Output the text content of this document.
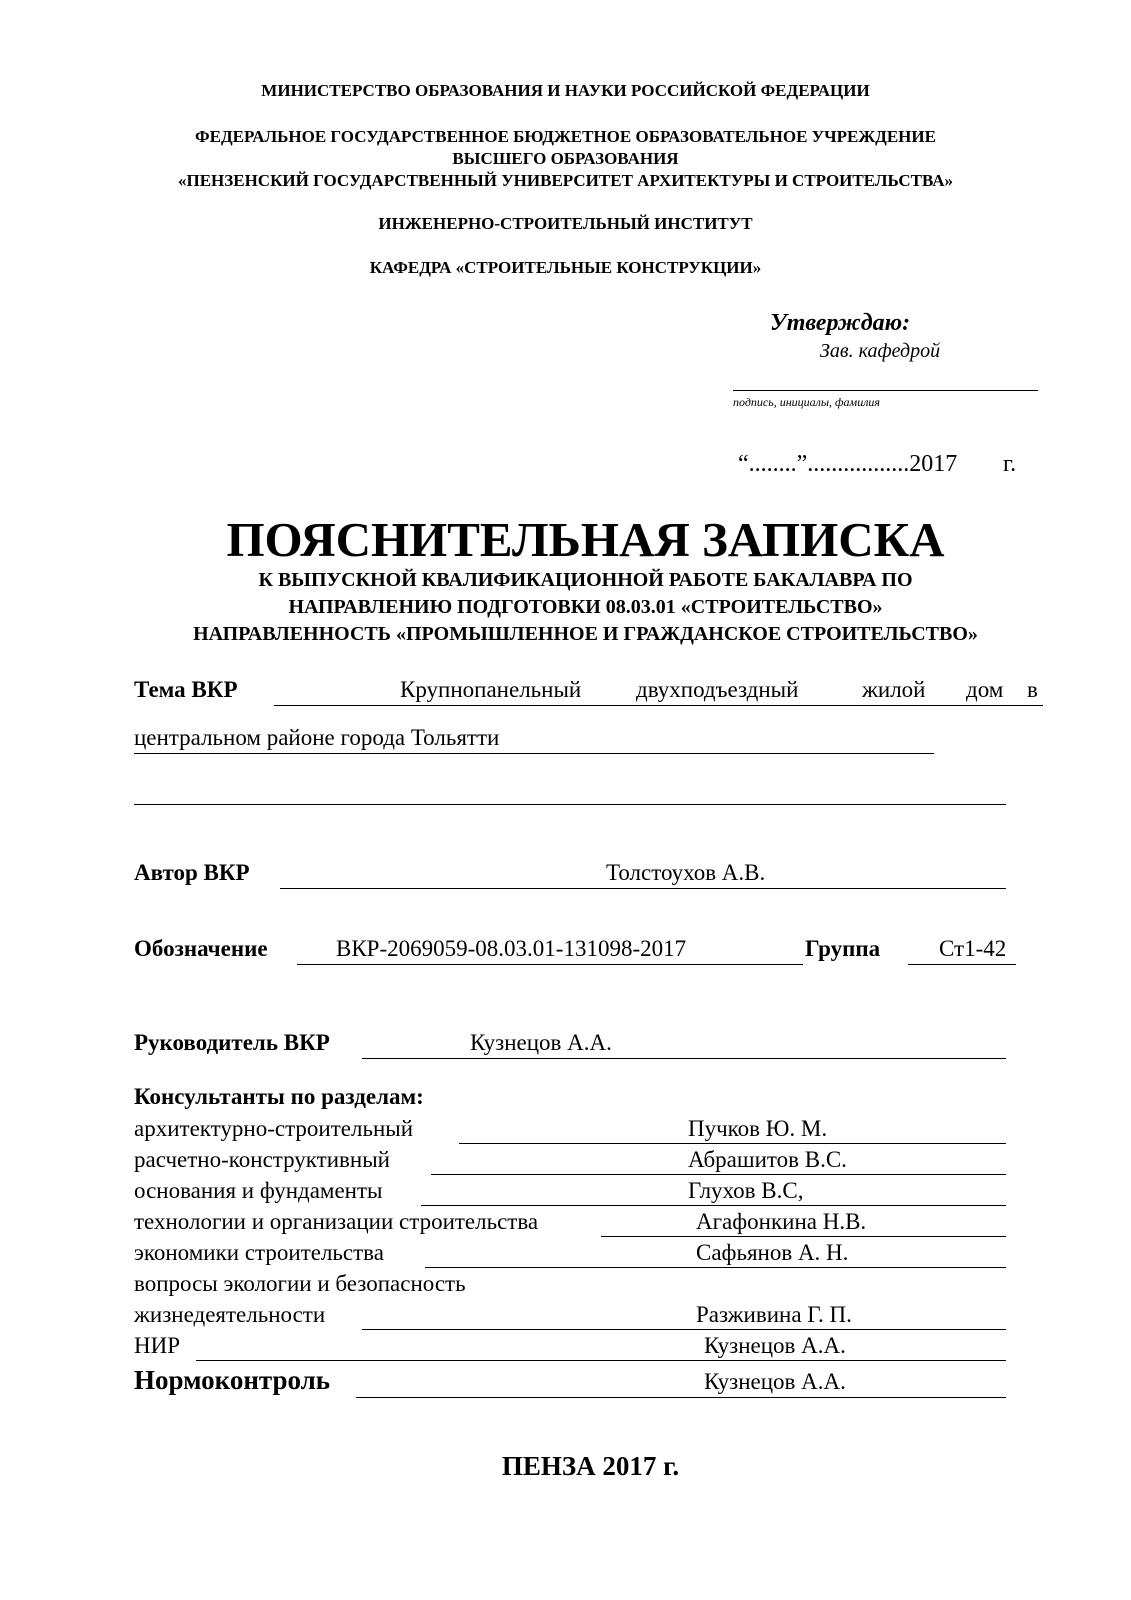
МИНИСТЕРСТВО ОБРАЗОВАНИЯ И НАУКИ РОССИЙСКОЙ ФЕДЕРАЦИИ
ФЕДЕРАЛЬНОЕ ГОСУДАРСТВЕННОЕ БЮДЖЕТНОЕ ОБРАЗОВАТЕЛЬНОЕ УЧРЕЖДЕНИЕ
ВЫСШЕГО ОБРАЗОВАНИЯ
«ПЕНЗЕНСКИЙ ГОСУДАРСТВЕННЫЙ УНИВЕРСИТЕТ АРХИТЕКТУРЫ И СТРОИТЕЛЬСТВА»
ИНЖЕНЕРНО-СТРОИТЕЛЬНЫЙ ИНСТИТУТ
КАФЕДРА «СТРОИТЕЛЬНЫЕ КОНСТРУКЦИИ»
Утверждаю:
Зав. кафедрой
подпись, инициалы, фамилия
“........”.................2017 г.
ПОЯСНИТЕЛЬНАЯ ЗАПИСКА
К ВЫПУСКНОЙ КВАЛИФИКАЦИОННОЙ РАБОТЕ БАКАЛАВРА ПО
НАПРАВЛЕНИЮ ПОДГОТОВКИ 08.03.01 «СТРОИТЕЛЬСТВО»
НАПРАВЛЕННОСТЬ «ПРОМЫШЛЕННОЕ И ГРАЖДАНСКОЕ СТРОИТЕЛЬСТВО»
Тема ВКР	Крупнопанельный двухподъездный	жилой дом в
центральном районе города Тольятти
Автор ВКР	Толстоухов А.В.
Обозначение	ВКР-2069059-08.03.01-131098-2017	Группа	Ст1-42
Руководитель ВКР	Кузнецов А.А.
Консультанты по разделам:
архитектурно-строительный	Пучков Ю. М.
расчетно-конструктивный	Абрашитов В.С.
основания и фундаменты	Глухов В.С,
технологии и организации строительства	Агафонкина Н.В.
экономики строительства	Сафьянов А. Н.
вопросы экологии и безопасность
жизнедеятельности	Разживина Г. П.
НИР	Кузнецов А.А.
Нормоконтроль	Кузнецов А.А.
ПЕНЗА 2017 г.
